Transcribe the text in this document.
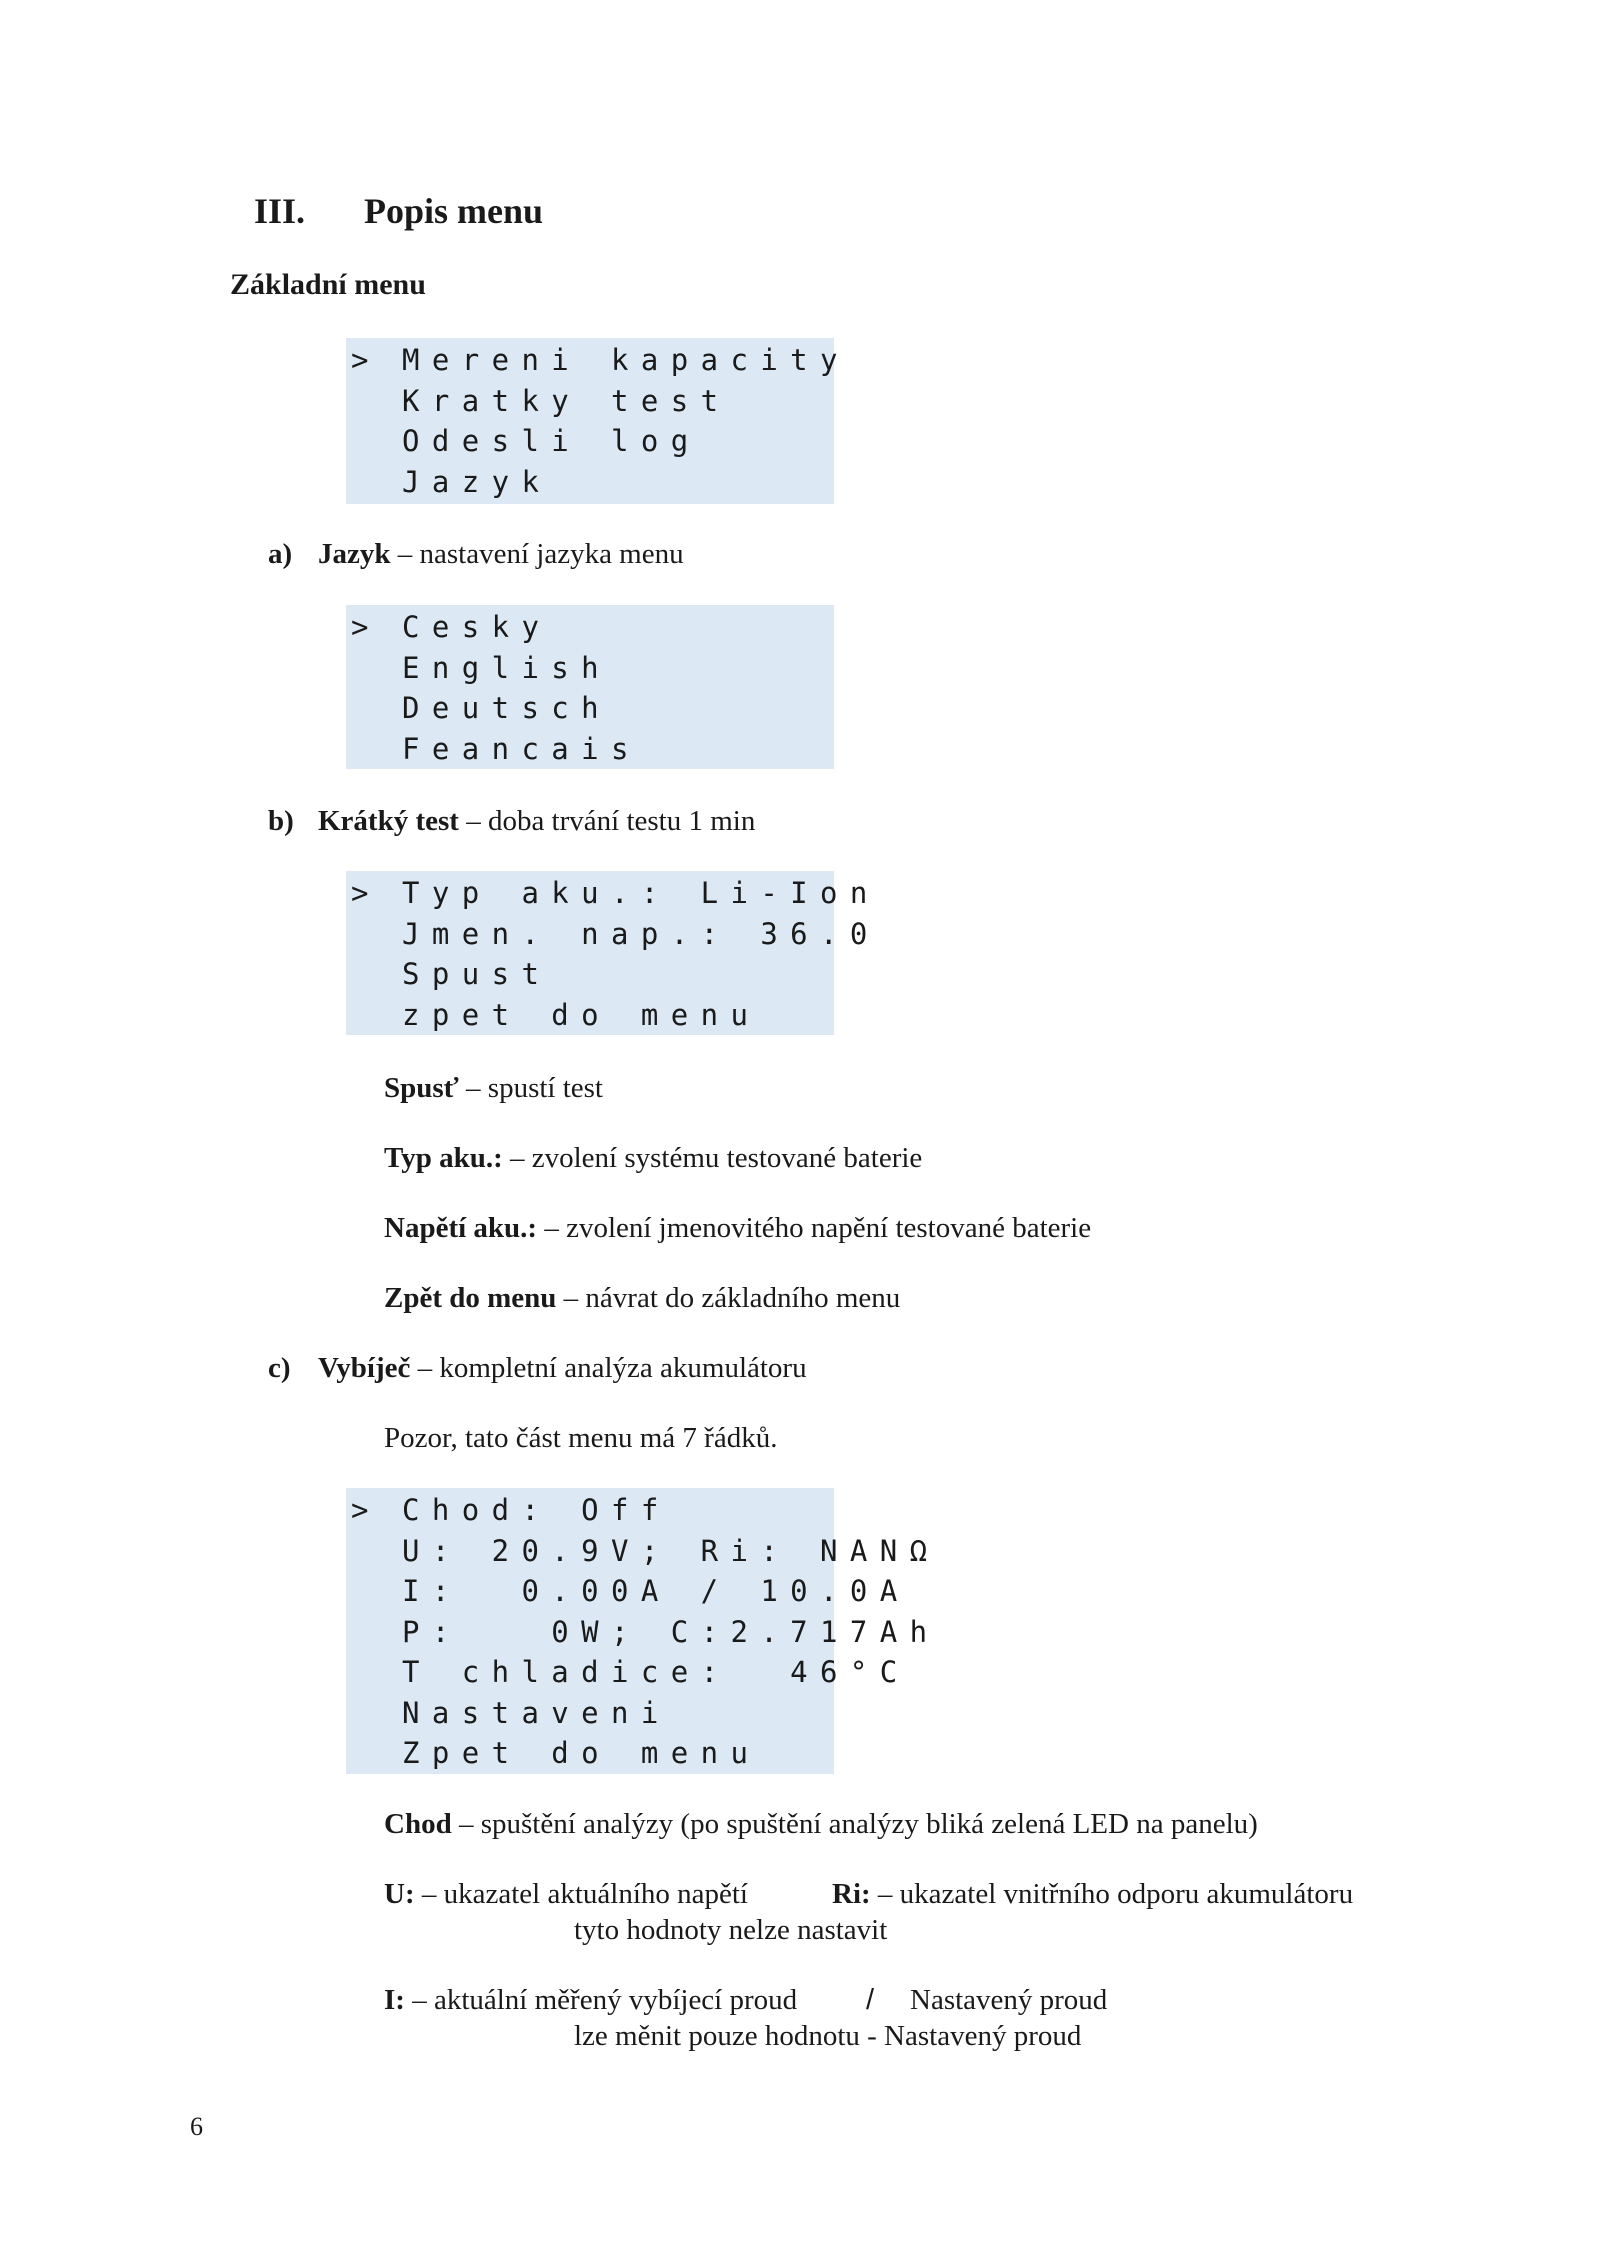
III. Popis menu
Základní menu
>	Mereni kapacity
Kratky test
Odesli log
Jazyk
a) Jazyk – nastavení jazyka menu
>	Cesky
English
Deutsch
Feancais
b) Krátký test – doba trvání testu 1 min
>	Typ aku.: Li-Ion
Jmen. nap.: 36.0
Spust
zpet do menu
Spusť – spustí test
Typ aku.: – zvolení systému testované baterie
Napětí aku.: – zvolení jmenovitého napění testované baterie
Zpět do menu – návrat do základního menu
c) Vybíječ – kompletní analýza akumulátoru
Pozor, tato část menu má 7 řádků.
>	Chod: Off
U: 20.9V; Ri: NANΩ
I:  0.00A / 10.0A
P:   0W; C:2.717Ah
T chladice:  46°C
Nastaveni
Zpet do menu
Chod – spuštění analýzy (po spuštění analýzy bliká zelená LED na panelu)
U: – ukazatel aktuálního napětí	Ri: – ukazatel vnitřního odporu akumulátoru
tyto hodnoty nelze nastavit
I: – aktuální měřený vybíjecí proud / Nastavený proud
lze měnit pouze hodnotu - Nastavený proud
6
